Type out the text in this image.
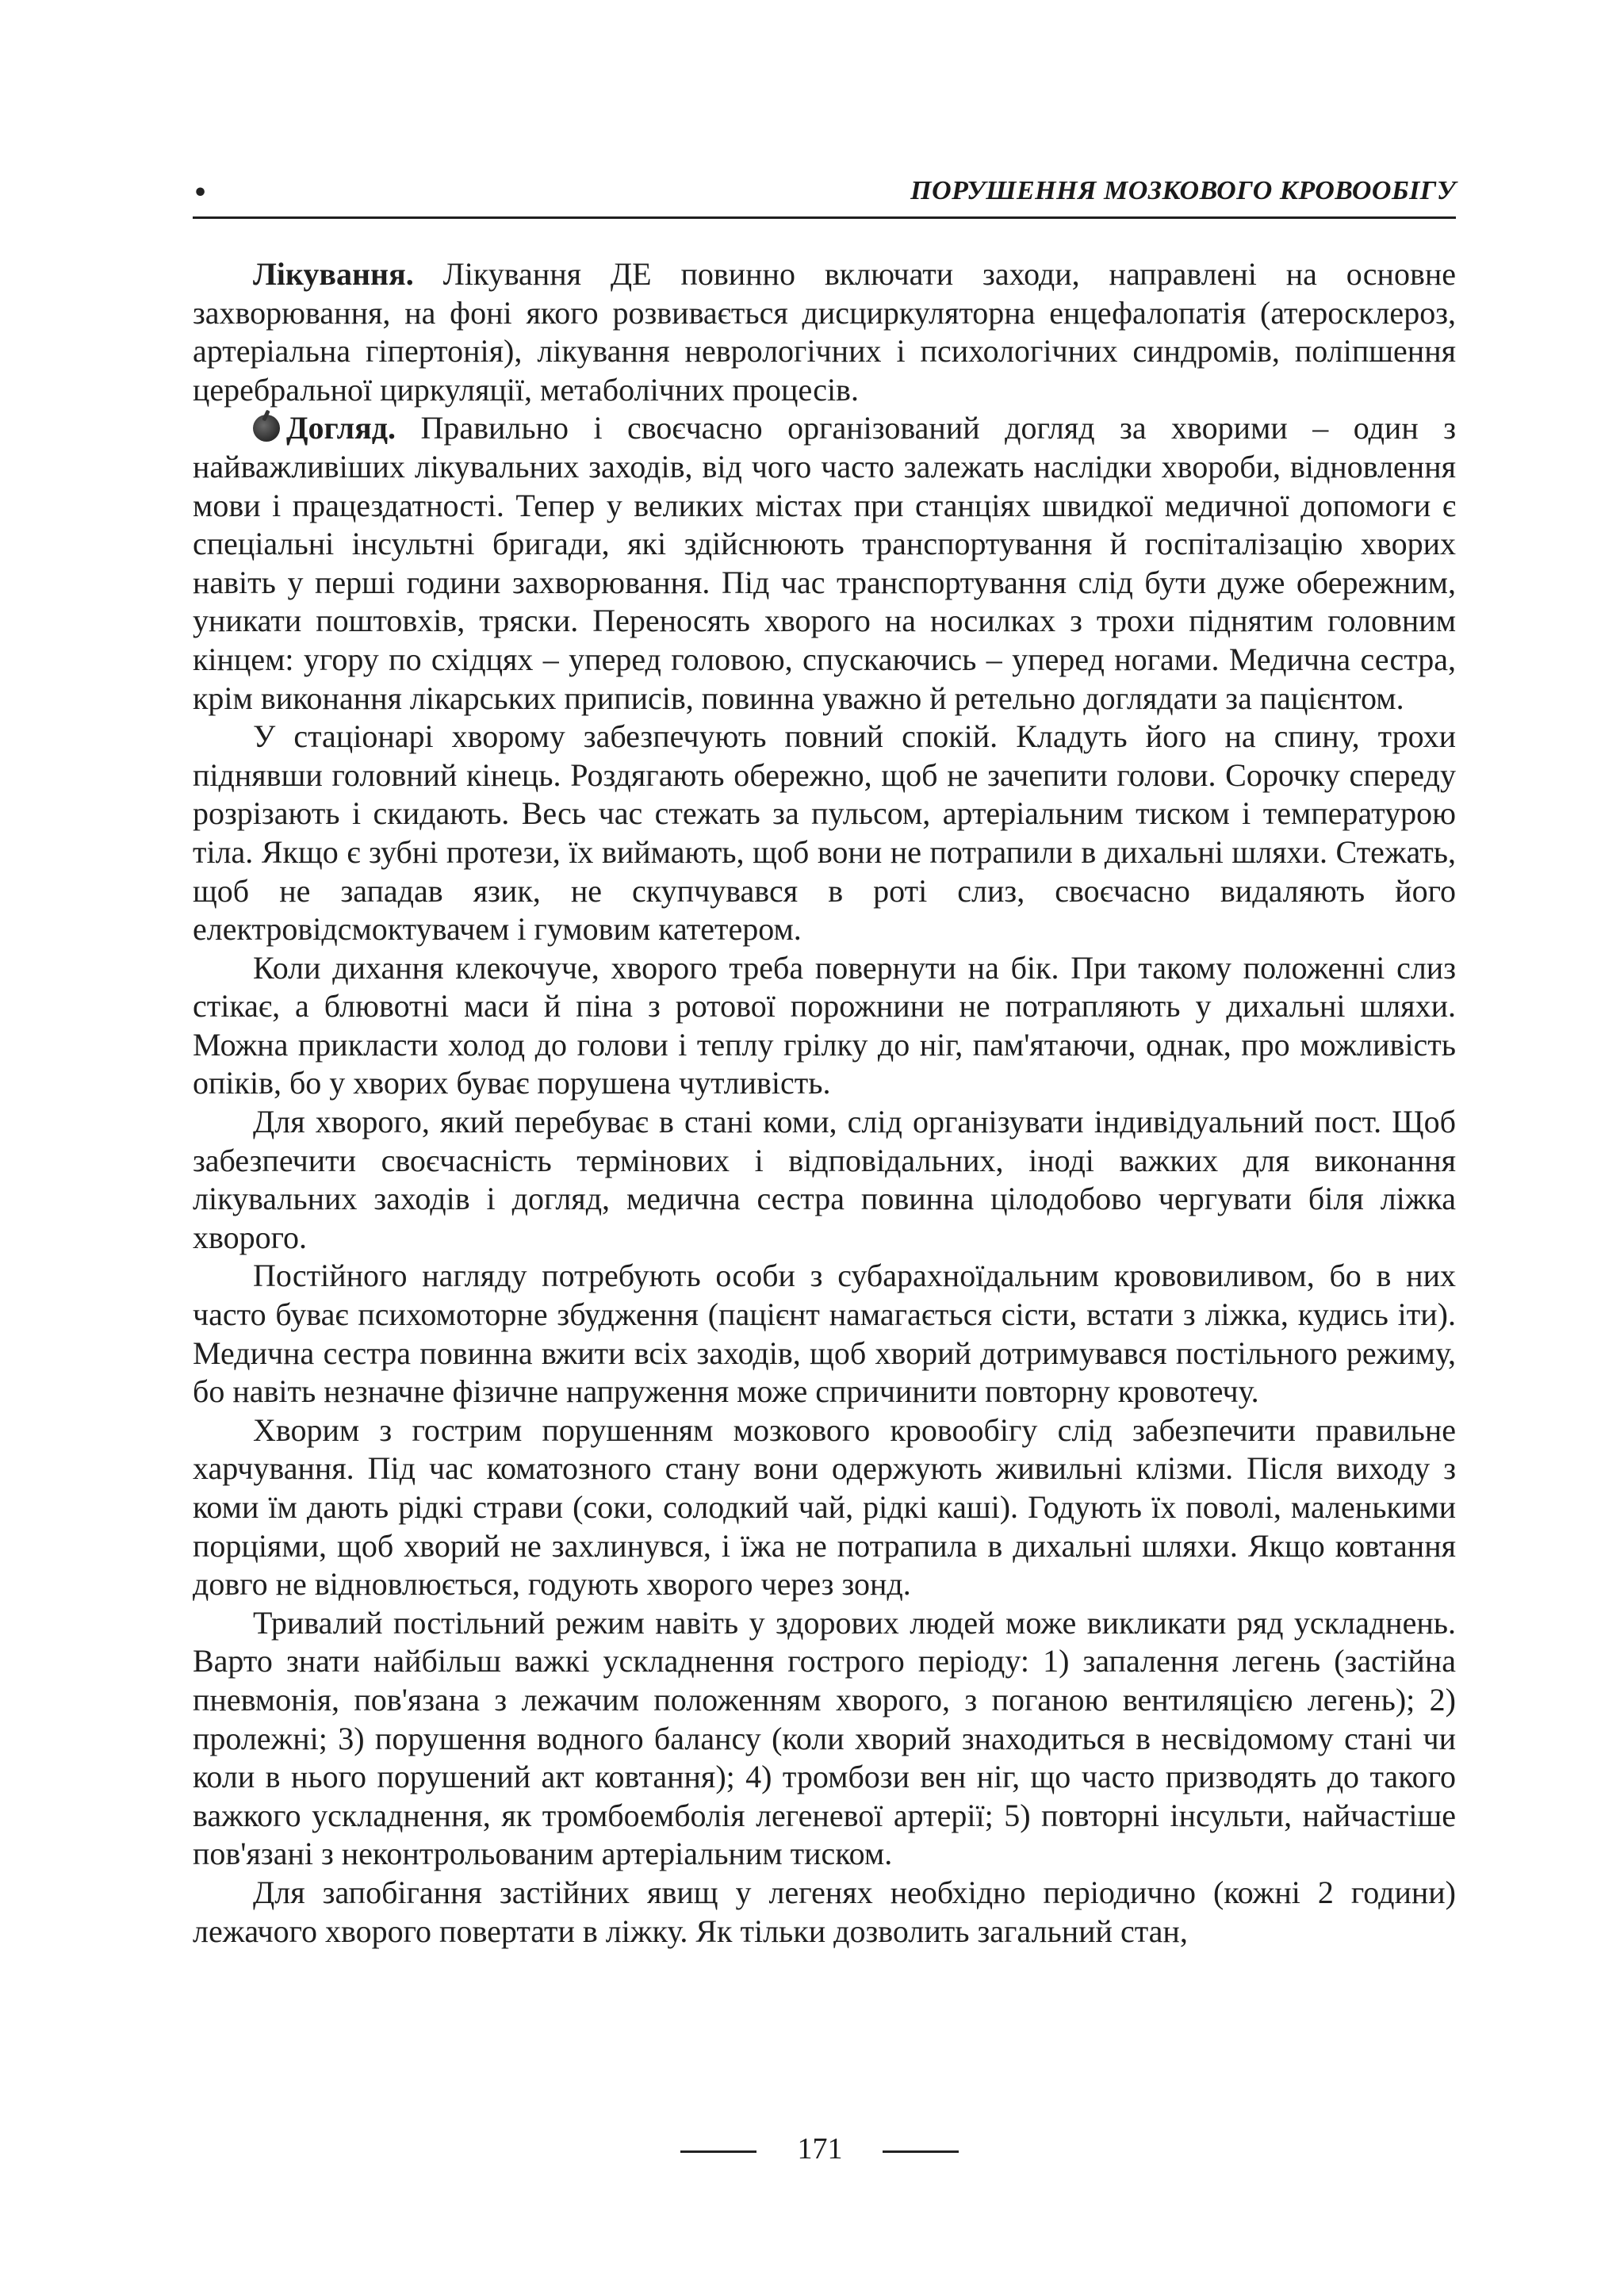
•	ПОРУШЕННЯ МОЗКОВОГО КРОВООБІГУ

Лікування. Лікування ДЕ повинно включати заходи, направлені на основне захворювання, на фоні якого розвивається дисциркуляторна енцефалопатія (атеросклероз, артеріальна гіпертонія), лікування неврологічних і психологічних синдромів, поліпшення церебральної циркуляції, метаболічних процесів.

Догляд. Правильно і своєчасно організований догляд за хворими – один з найважливіших лікувальних заходів, від чого часто залежать наслідки хвороби, відновлення мови і працездатності. Тепер у великих містах при станціях швидкої медичної допомоги є спеціальні інсультні бригади, які здійснюють транспортування й госпіталізацію хворих навіть у перші години захворювання. Під час транспортування слід бути дуже обережним, уникати поштовхів, тряски. Переносять хворого на носилках з трохи піднятим головним кінцем: угору по східцях – уперед головою, спускаючись – уперед ногами. Медична сестра, крім виконання лікарських приписів, повинна уважно й ретельно доглядати за пацієнтом.

У стаціонарі хворому забезпечують повний спокій. Кладуть його на спину, трохи піднявши головний кінець. Роздягають обережно, щоб не зачепити голови. Сорочку спереду розрізають і скидають. Весь час стежать за пульсом, артеріальним тиском і температурою тіла. Якщо є зубні протези, їх виймають, щоб вони не потрапили в дихальні шляхи. Стежать, щоб не западав язик, не скупчувався в роті слиз, своєчасно видаляють його електровідсмоктувачем і гумовим катетером.

Коли дихання клекочуче, хворого треба повернути на бік. При такому положенні слиз стікає, а блювотні маси й піна з ротової порожнини не потрапляють у дихальні шляхи. Можна прикласти холод до голови і теплу грілку до ніг, пам'ятаючи, однак, про можливість опіків, бо у хворих буває порушена чутливість.

Для хворого, який перебуває в стані коми, слід організувати індивідуальний пост. Щоб забезпечити своєчасність термінових і відповідальних, іноді важких для виконання лікувальних заходів і догляд, медична сестра повинна цілодобово чергувати біля ліжка хворого.

Постійного нагляду потребують особи з субарахноїдальним крововиливом, бо в них часто буває психомоторне збудження (пацієнт намагається сісти, встати з ліжка, кудись іти). Медична сестра повинна вжити всіх заходів, щоб хворий дотримувався постільного режиму, бо навіть незначне фізичне напруження може спричинити повторну кровотечу.

Хворим з гострим порушенням мозкового кровообігу слід забезпечити правильне харчування. Під час коматозного стану вони одержують живильні клізми. Після виходу з коми їм дають рідкі страви (соки, солодкий чай, рідкі каші). Годують їх поволі, маленькими порціями, щоб хворий не захлинувся, і їжа не потрапила в дихальні шляхи. Якщо ковтання довго не відновлюється, годують хворого через зонд.

Тривалий постільний режим навіть у здорових людей може викликати ряд ускладнень. Варто знати найбільш важкі ускладнення гострого періоду: 1) запалення легень (застійна пневмонія, пов'язана з лежачим положенням хворого, з поганою вентиляцією легень); 2) пролежні; 3) порушення водного балансу (коли хворий знаходиться в несвідомому стані чи коли в нього порушений акт ковтання); 4) тромбози вен ніг, що часто призводять до такого важкого ускладнення, як тромбоемболія легеневої артерії; 5) повторні інсульти, найчастіше пов'язані з неконтрольованим артеріальним тиском.

Для запобігання застійних явищ у легенях необхідно періодично (кожні 2 години) лежачого хворого повертати в ліжку. Як тільки дозволить загальний стан,

171
